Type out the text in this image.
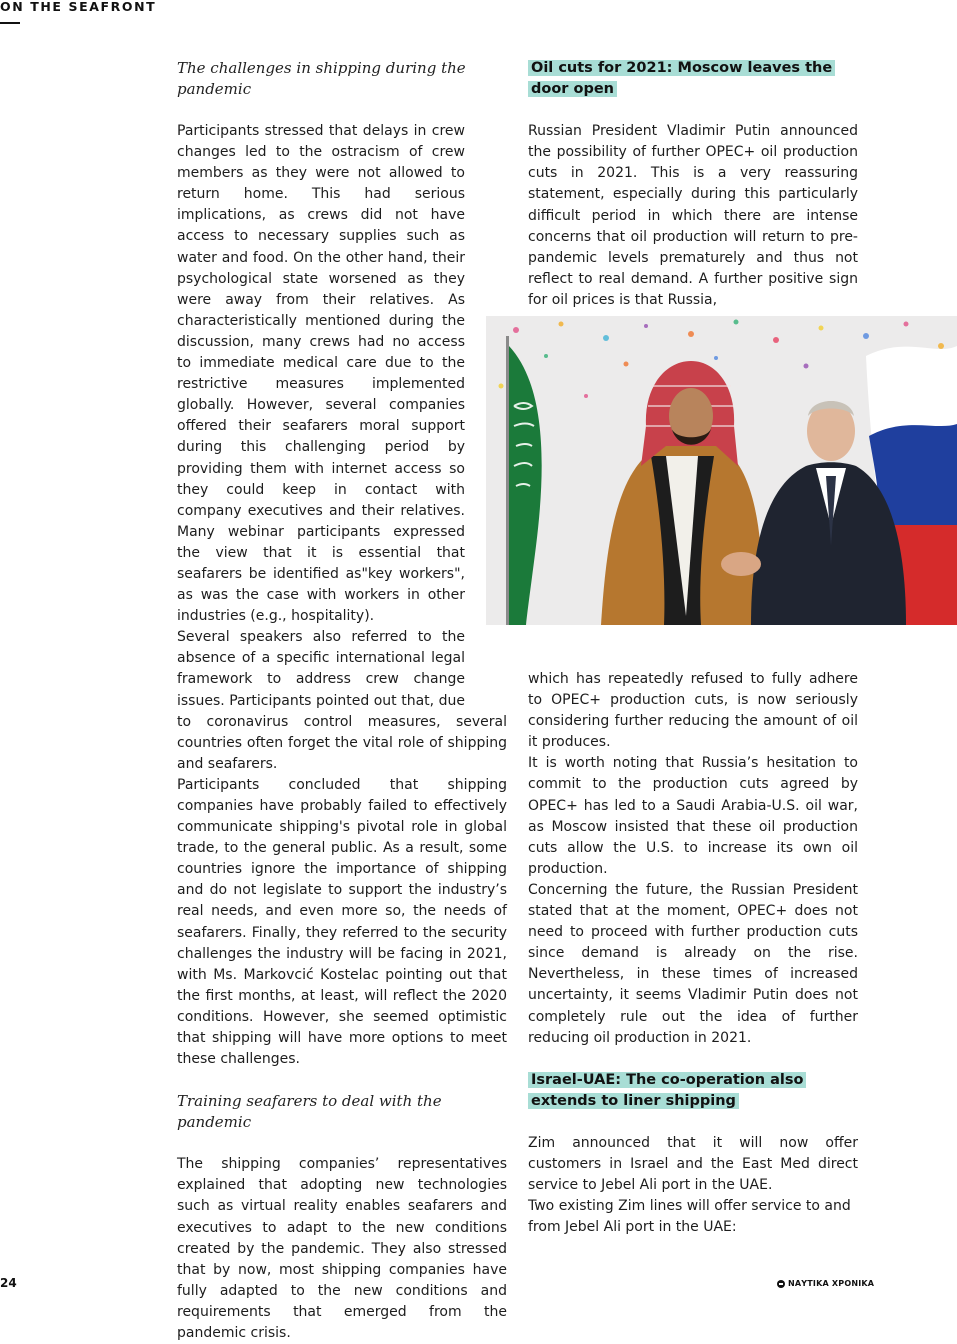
ON THE SEAFRONT

The challenges in shipping during the pandemic

Oil cuts for 2021: Moscow leaves the door open

Russian President Vladimir Putin announced the possibility of further OPEC+ oil production cuts in 2021. This is a very reassuring statement, especially during this particularly difficult period in which there are intense concerns that oil production will return to pre-pandemic levels prematurely and thus not reflect to real demand. A further positive sign for oil prices is that Russia,

which has repeatedly refused to fully adhere to OPEC+ production cuts, is now seriously considering further reducing the amount of oil it produces.

It is worth noting that Russia’s hesitation to commit to the production cuts agreed by OPEC+ has led to a Saudi Arabia-U.S. oil war, as Moscow insisted that these oil production cuts allow the U.S. to increase its own oil production.

Concerning the future, the Russian President stated that at the moment, OPEC+ does not need to proceed with further production cuts since demand is already on the rise. Nevertheless, in these times of increased uncertainty, it seems Vladimir Putin does not completely rule out the idea of further reducing oil production in 2021.

Israel-UAE: The co-operation also extends to liner shipping

Zim announced that it will now offer customers in Israel and the East Med direct service to Jebel Ali port in the UAE.

Two existing Zim lines will offer service to and from Jebel Ali port in the UAE:

Participants stressed that delays in crew changes led to the ostracism of crew members as they were not allowed to return home. This had serious implications, as crews did not have access to necessary supplies such as water and food. On the other hand, their psychological state worsened as they were away from their relatives. As characteristically mentioned during the discussion, many crews had no access to immediate medical care due to the restrictive measures implemented globally. However, several companies offered their seafarers moral support during this challenging period by providing them with internet access so they could keep in contact with company executives and their relatives. Many webinar participants expressed the view that it is essential that seafarers be identified as"key workers", as was the case with workers in other industries (e.g., hospitality).

Several speakers also referred to the absence of a specific international legal framework to address crew change issues. Participants pointed out that, due to coronavirus control measures, several countries often forget the vital role of shipping and seafarers.

Participants concluded that shipping companies have probably failed to effectively communicate shipping's pivotal role in global trade, to the general public. As a result, some countries ignore the importance of shipping and do not legislate to support the industry’s real needs, and even more so, the needs of seafarers. Finally, they referred to the security challenges the industry will be facing in 2021, with Ms. Markovcić Kostelac pointing out that the first months, at least, will reflect the 2020 conditions. However, she seemed optimistic that shipping will have more options to meet these challenges.

Training seafarers to deal with the pandemic

The shipping companies’ representatives explained that adopting new technologies such as virtual reality enables seafarers and executives to adapt to the new conditions created by the pandemic. They also stressed that by now, most shipping companies have fully adapted to the new conditions and requirements that emerged from the pandemic crisis.

24	ΝΑΥΤΙΚΑ ΧΡΟΝΙΚΑ
